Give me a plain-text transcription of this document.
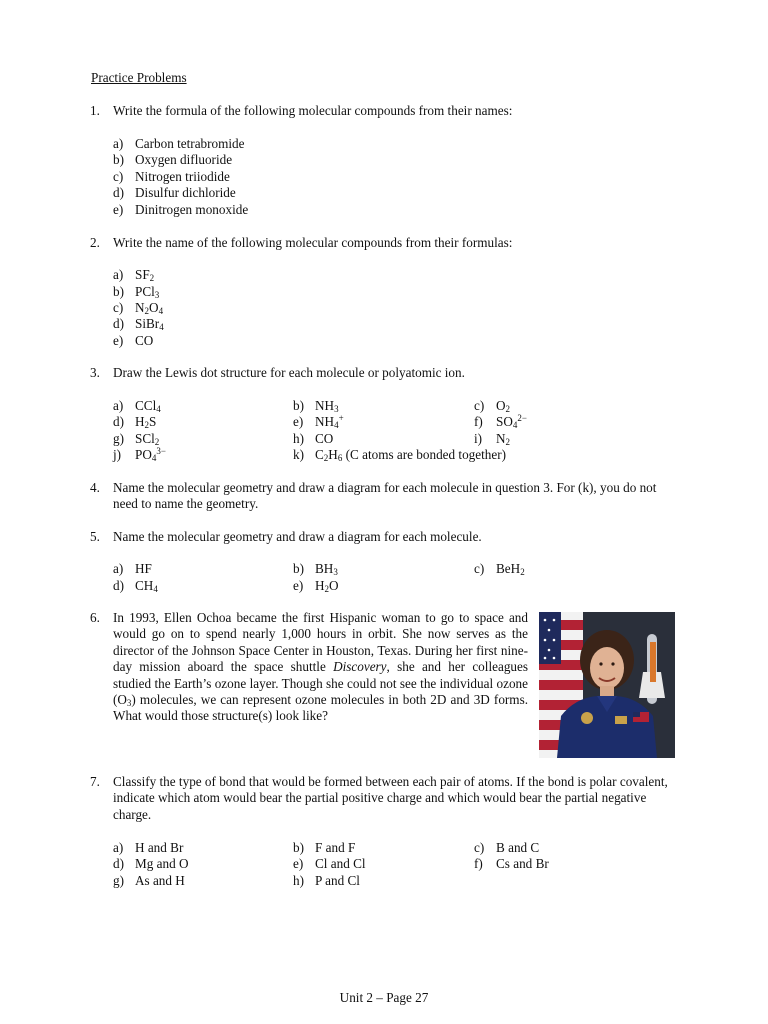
Practice Problems
1. Write the formula of the following molecular compounds from their names:
a) Carbon tetrabromide
b) Oxygen difluoride
c) Nitrogen triiodide
d) Disulfur dichloride
e) Dinitrogen monoxide
2. Write the name of the following molecular compounds from their formulas:
a) $SF_2$
b) PCl$_3$
c) $N_2O_4$
d) SiBr$_4$
e) CO
3. Draw the Lewis dot structure for each molecule or polyatomic ion.
a) CCl$_4$	b) $NH_3$	c) $O_2$
d) $H_2S$	e) $NH_4^+$	f) $SO_4^{2-}$
g) SCl$_2$	h) CO	i) $N_2$
j) $PO_4^{3-}$	k) $C_2H_6$ (C atoms are bonded together)
4. Name the molecular geometry and draw a diagram for each molecule in question 3. For (k), you do not need to name the geometry.
5. Name the molecular geometry and draw a diagram for each molecule.
a) HF	b) $BH_3$	c) BeH$_2$
d) $CH_4$	e) $H_2O$
6. In 1993, Ellen Ochoa became the first Hispanic woman to go to space and would go on to spend nearly 1,000 hours in orbit. She now serves as the director of the Johnson Space Center in Houston, Texas. During her first nine-day mission aboard the space shuttle Discovery, she and her colleagues studied the Earth’s ozone layer. Though she could not see the individual ozone $(O_3)$ molecules, we can represent ozone molecules in both 2D and 3D forms. What would those structure(s) look like?
7. Classify the type of bond that would be formed between each pair of atoms. If the bond is polar covalent, indicate which atom would bear the partial positive charge and which would bear the partial negative charge.
a) H and Br	b) F and F	c) B and C
d) Mg and O	e) Cl and Cl	f) Cs and Br
g) As and H	h) P and Cl
Unit 2 – Page 27
